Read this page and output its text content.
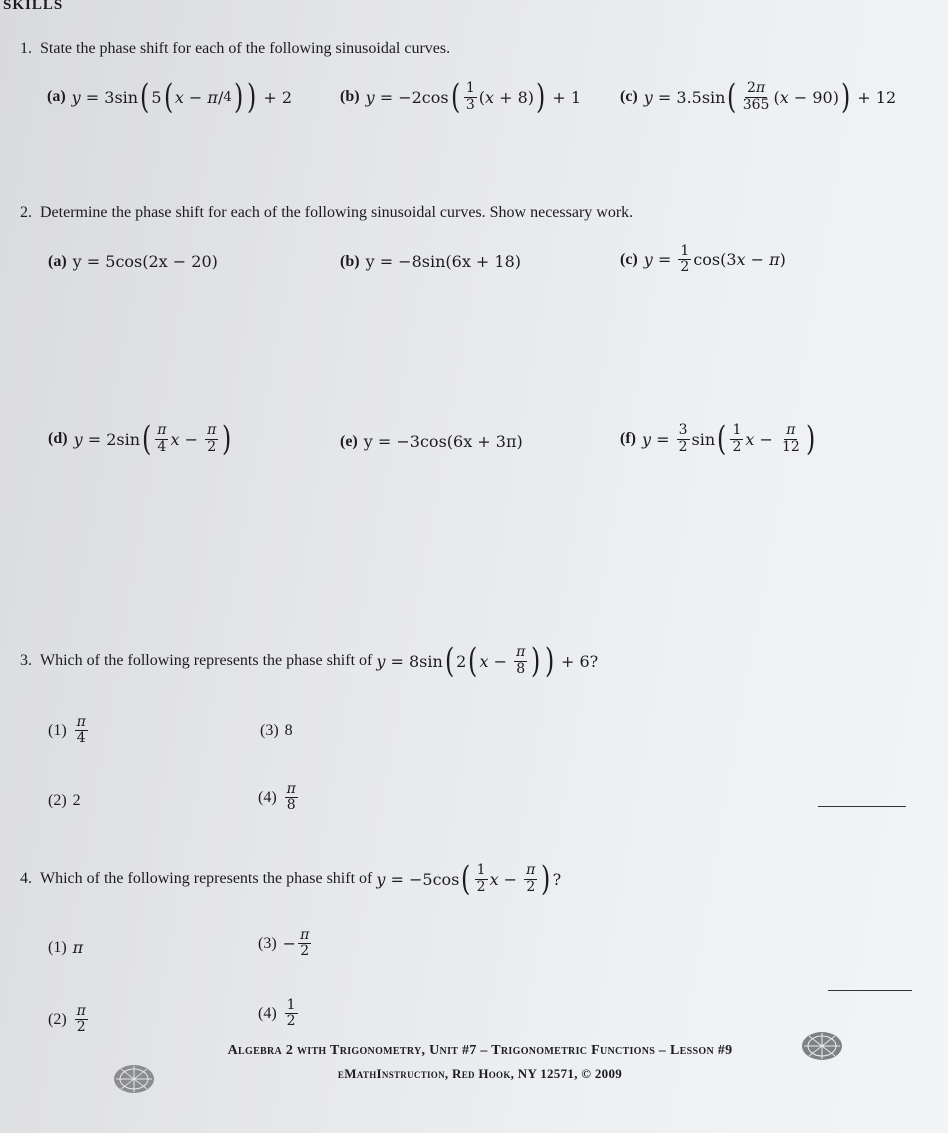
SKILLS
1. State the phase shift for each of the following sinusoidal curves.
(a) y = 3sin ( 5 ( x − π / 4 ) ) + 2	(b) y = −2cos ( $\frac{1}{3}$ ( x + 8) ) + 1 (c) y = 3.5sin ( $\frac{2\pi}{365}$ ( x − 90) ) + 12
2. Determine the phase shift for each of the following sinusoidal curves. Show necessary work.
(a) y = 5cos(2x − 20)	(b) y = −8sin(6x + 18)	(c) $y = \frac{1}{2} \cos(3$ x − π )
(d) y = 2sin ( $\frac{\pi}{4}$ $x - \frac{\pi}{2}$ )	(e) y = −3cos(6x + 3π)	(f) $y = \frac{3}{2}$ sin ( $\frac{1}{2}$ $x - \frac{\pi}{12}$ )
3.
Which of the following represents the phase shift of
y = 8sin ( 2 ( $x - \frac{\pi}{8}$ ) ) + 6?
$(1) \frac{\pi}{4}$	(3) 8
(2) 2	$(4) \frac{\pi}{8}$
4.
Which of the following represents the phase shift of
y = −5cos ( $\frac{1}{2}$ $x - \frac{\pi}{2}$ ) ?
(1) π	$(3) - \frac{\pi}{2}$
$(2) \frac{\pi}{2}$	$(4) \frac{1}{2}$
Algebra 2 with Trigonometry, Unit #7 – Trigonometric Functions – Lesson #9
eMathInstruction, Red Hook, NY 12571, © 2009
